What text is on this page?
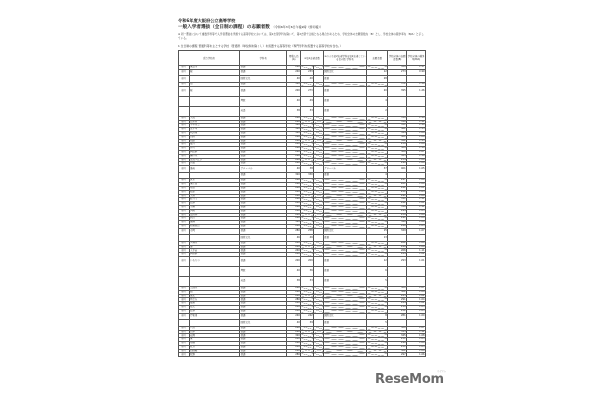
令和6年度大阪府公立高等学校
一般入学者選抜（全日制の課程）の志願者数 （令和6年3月6日午後2時（締切後））
※ 同一選抜において複数学科等で入学者選抜を実施する高等学校においては、第1志望学科を除いて、第2志望で合格となる場合があるため、学校全体の志願者数を（B）とし、学校全体の競争率を（B/A）と示している。
1 全日制の課程 普通科等を主とする学校（普通科（単位制を除く）、）を設置する高等学校（専門学科を設置する高等学校を含む。）
高等学校名		学科名	募集人員(A)	①第1志望者数		①のうち第2志望学科を第2志望している者の数 学科名	志願者数	学校全体の志願者数(B)	学校全体の競争率(B/A)
府立	東淀川	普通	280					328	1.17
府立	桜	普通	240	233		国際文化	12	273	0.99
府立		国際文化	40	40		普通	28		
府立	旭	普通	320					372	1.16
府立	桜	普通	200	273		普通	20	395	1.26
		理数	40	49		普通	4		
		英語	38	33		普通	2		
府立	大冠	普通	280					318	1.14
府立	茨木西	普通	280					310	1.11
府立	千里青雲	普通	320					351	1.10
府立	北千里	普通	320					362	1.13
府立	吹田東	普通	320					344	1.08
府立	山田	普通	280					301	1.08
府立	摂津	普通	280					322	1.15
府立	福井	普通	240					258	1.08
府立	芥川	普通	280					309	1.10
府立	阿武野	普通	280					300	1.07
府立	槻の木	普通	280					325	1.16
府立	北摂つばさ	普通	240					254	1.06
府立	箕面	普通	280					290	1.04
府立	港南	グローバル	40	38		グローバル	37	401	1.05
		普通	320	330		普通	4		
府立	汎愛	普通	280					297	1.06
府立	東住吉	普通	280					281	1.00
府立	布忍	普通	240					242	1.01
府立	松原	普通	240					251	1.05
府立	大塚	普通	280					291	1.04
府立	藤井寺	普通	280					311	1.11
府立	長野	普通	240					242	1.01
府立	金剛	普通	280					310	1.11
府立	河南	普通	280					294	1.05
府立	富田林	普通	240					258	1.08
府立	狭山	普通	280					291	1.04
府立	泉陽	普通	320					340	1.06
府立	和泉総合	普通	240					246	1.03
府立	市岡	普通	280	258		国際文化	15	349	1.07
		国際文化	46	46		普通	13		
府立	夕陽丘	普通	240					262	1.09
府立	港	普通	240					240	1.00
府立	大手前	普通	240					266	1.11
府立	阿倍野	普通	240					244	1.02
府立	いちりつ	普通	200	209		普通	12	293	1.01
		理数	40	36		普通	6		
		英語	38	33		普通	5		
府立	三国丘	普通	280					300	1.07
府立	鳳	普通	280					302	1.08
府立	泉北	普通	240					245	1.02
府立	登美丘	普通	280					291	1.04
府立	福泉	普通	240					244	1.02
府立	信太	普通	200					210	1.05
府立	佐野	普通	240					252	1.05
府立	岸和田	普通	240	242		国際文化	8	281	1.00
		国際文化	40	39		普通	5		
府立	八尾	普通	280					300	1.07
府立	山本	普通	280					313	1.12
府立	花園	普通	320					345	1.08
府立	東	普通	240					251	1.05
府立	布施	普通	280					290	1.04
府立	枚方	普通	240					251	1.05
府立	四條畷	普通	280					302	1.08
府立	牧野	普通	280					297	1.06
ReseMom
リセマム
